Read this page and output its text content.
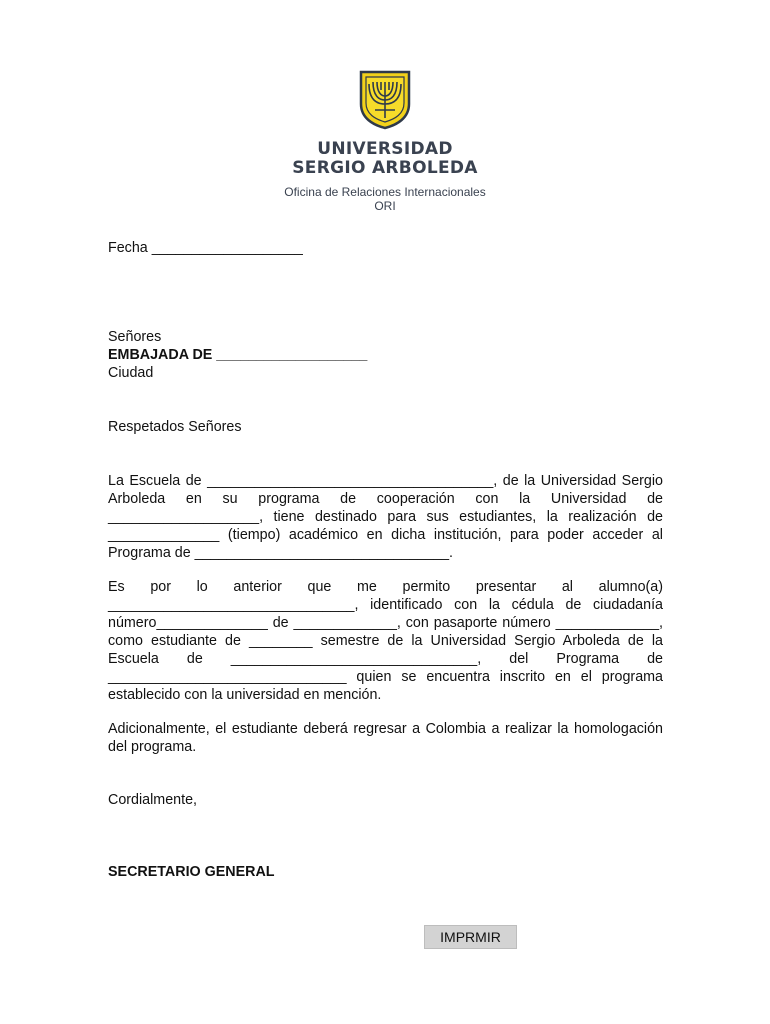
UNIVERSIDAD
SERGIO ARBOLEDA
Oficina de Relaciones Internacionales
ORI
Fecha ___________________
Señores
EMBAJADA DE ___________________
Ciudad
Respetados Señores
La Escuela de ____________________________________, de la Universidad Sergio Arboleda en su programa de cooperación con la Universidad de ___________________, tiene destinado para sus estudiantes, la realización de ______________ (tiempo) académico en dicha institución, para poder acceder al Programa de ________________________________.
Es por lo anterior que me permito presentar al alumno(a) _______________________________, identificado con la cédula de ciudadanía número______________ de _____________, con pasaporte número _____________, como estudiante de ________ semestre de la Universidad Sergio Arboleda de la Escuela de _______________________________, del Programa de ______________________________ quien se encuentra inscrito en el programa establecido con la universidad en mención.
Adicionalmente, el estudiante deberá regresar a Colombia a realizar la homologación del programa.
Cordialmente,
SECRETARIO GENERAL
IMPRMIR
